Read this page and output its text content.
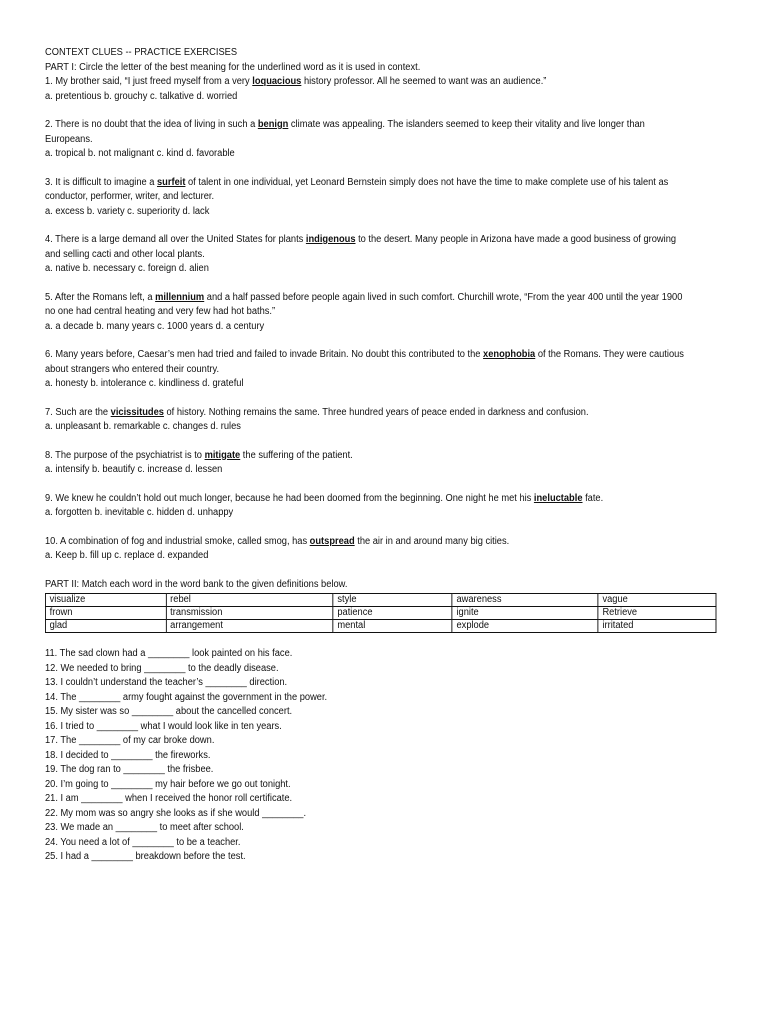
CONTEXT CLUES -- PRACTICE EXERCISES

PART I: Circle the letter of the best meaning for the underlined word as it is used in context.

1. My brother said, “I just freed myself from a very loquacious history professor. All he seemed to want was an audience.”

a. pretentious b. grouchy c. talkative d. worried

2. There is no doubt that the idea of living in such a benign climate was appealing. The islanders seemed to keep their vitality and live longer than Europeans.

a. tropical b. not malignant c. kind d. favorable

3. It is difficult to imagine a surfeit of talent in one individual, yet Leonard Bernstein simply does not have the time to make complete use of his talent as conductor, performer, writer, and lecturer.

a. excess b. variety c. superiority d. lack

4. There is a large demand all over the United States for plants indigenous to the desert. Many people in Arizona have made a good business of growing and selling cacti and other local plants.

a. native b. necessary c. foreign d. alien

5. After the Romans left, a millennium and a half passed before people again lived in such comfort. Churchill wrote, “From the year 400 until the year 1900 no one had central heating and very few had hot baths.”

a. a decade b. many years c. 1000 years d. a century

6. Many years before, Caesar’s men had tried and failed to invade Britain. No doubt this contributed to the xenophobia of the Romans. They were cautious about strangers who entered their country.

a. honesty b. intolerance c. kindliness d. grateful

7. Such are the vicissitudes of history. Nothing remains the same. Three hundred years of peace ended in darkness and confusion.

a. unpleasant b. remarkable c. changes d. rules

8. The purpose of the psychiatrist is to mitigate the suffering of the patient.

a. intensify b. beautify c. increase d. lessen

9. We knew he couldn’t hold out much longer, because he had been doomed from the beginning. One night he met his ineluctable fate.

a. forgotten b. inevitable c. hidden d. unhappy

10. A combination of fog and industrial smoke, called smog, has outspread the air in and around many big cities.

a. Keep b. fill up c. replace d. expanded

PART II: Match each word in the word bank to the given definitions below.

visualize	rebel	style	awareness	vague
frown	transmission	patience	ignite	Retrieve
glad	arrangement	mental	explode	irritated

11. The sad clown had a ________ look painted on his face.

12. We needed to bring ________ to the deadly disease.

13. I couldn’t understand the teacher’s ________ direction.

14. The ________ army fought against the government in the power.

15. My sister was so ________ about the cancelled concert.

16. I tried to ________ what I would look like in ten years.

17. The ________ of my car broke down.

18. I decided to ________ the fireworks.

19. The dog ran to ________ the frisbee.

20. I’m going to ________ my hair before we go out tonight.

21. I am ________ when I received the honor roll certificate.

22. My mom was so angry she looks as if she would ________.

23. We made an ________ to meet after school.

24. You need a lot of ________ to be a teacher.

25. I had a ________ breakdown before the test.
